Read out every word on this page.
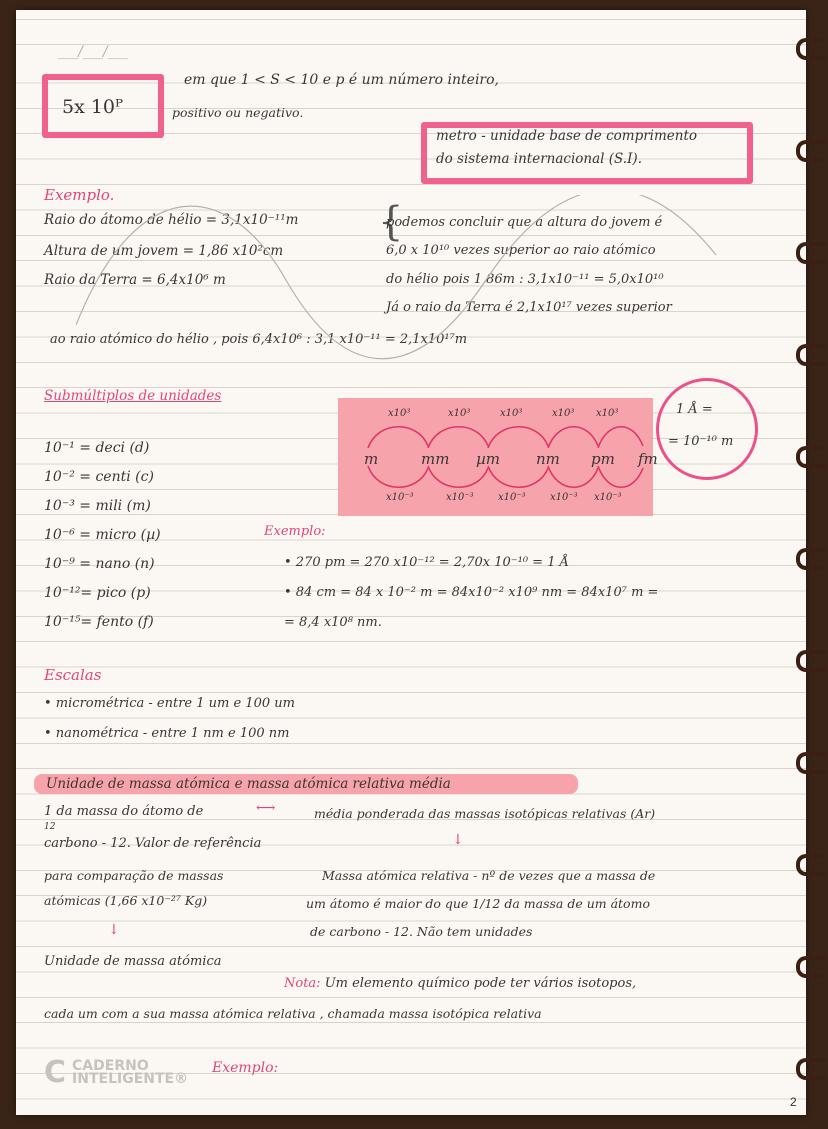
___/___/___
5x 10ᴾ
em que 1 < S < 10 e p é um número inteiro,
positivo ou negativo.
metro - unidade base de comprimento
do sistema internacional (S.I).
Exemplo.
Raio do átomo de hélio = 3,1x10⁻¹¹m
Altura de um jovem = 1,86 x10²cm
Raio da Terra = 6,4x10⁶ m
{
podemos concluir que a altura do jovem é
6,0 x 10¹⁰ vezes superior ao raio atómico
do hélio pois 1,86m : 3,1x10⁻¹¹ = 5,0x10¹⁰
Já o raio da Terra é 2,1x10¹⁷ vezes superior
ao raio atómico do hélio , pois 6,4x10⁶ : 3,1 x10⁻¹¹ = 2,1x10¹⁷m
Submúltiplos de unidades
10⁻¹ = deci (d)
10⁻² = centi (c)
10⁻³ = mili (m)
10⁻⁶ = micro (µ)
10⁻⁹ = nano (n)
10⁻¹²= pico (p)
10⁻¹⁵= fento (f)
m	mm µm nm pm fm
x10³	x10³	x10³	x10³ x10³
x10⁻³	x10⁻³ x10⁻³ x10⁻³ x10⁻³
1 Å =
= 10⁻¹⁰ m
Exemplo:
• 270 pm = 270 x10⁻¹² = 2,70x 10⁻¹⁰ = 1 Å
• 84 cm = 84 x 10⁻² m = 84x10⁻² x10⁹ nm = 84x10⁷ m =
= 8,4 x10⁸ nm.
Escalas
• micrométrica - entre 1 um e 100 um
• nanométrica - entre 1 nm e 100 nm
Unidade de massa atómica e massa atómica relativa média
1 da massa do átomo de
12
carbono - 12. Valor de referência
para comparação de massas
atómicas (1,66 x10⁻²⁷ Kg)
↓
Unidade de massa atómica
⟷	média ponderada das massas isotópicas relativas (Ar)
↓
Massa atómica relativa - nº de vezes que a massa de
um átomo é maior do que 1/12 da massa de um átomo
de carbono - 12. Não tem unidades
Nota: Um elemento químico pode ter vários isotopos,
cada um com a sua massa atómica relativa , chamada massa isotópica relativa
Exemplo:
C CADERNO
INTELIGENTE®
2
